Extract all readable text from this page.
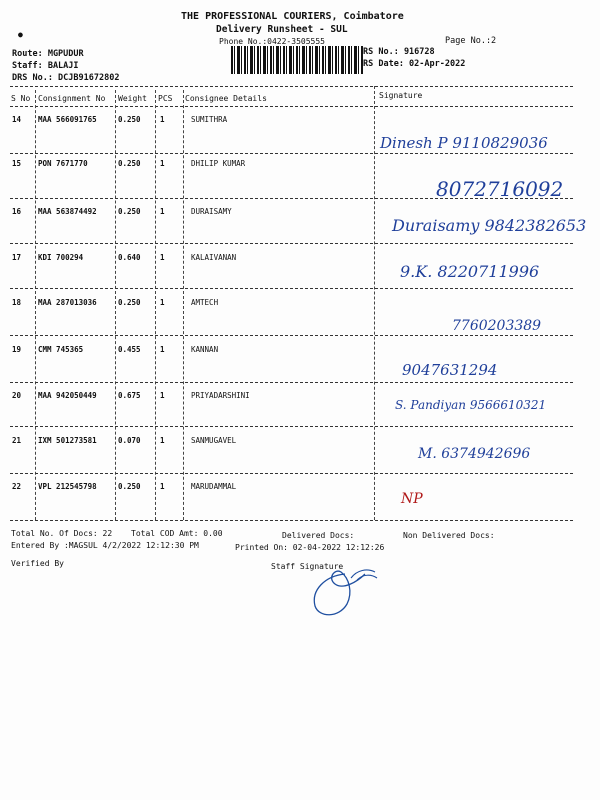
●
THE PROFESSIONAL COURIERS, Coimbatore
Delivery Runsheet - SUL
Phone No.:0422-3505555	Page No.:2
Route: MGPUDUR
Staff: BALAJI
DRS No.: DCJB91672802
RS No.: 916728
RS Date: 02-Apr-2022
S No Consignment No Weight PCS Consignee Details	Signature
14 MAA 566091765	0.250	1	SUMITHRA
Dinesh P 9110829036
15 PON 7671770	0.250	1	DHILIP KUMAR
8072716092
16 MAA 563874492	0.250	1	DURAISAMY
Duraisamy 9842382653
17 KDI 700294	0.640	1	KALAIVANAN
9.K. 8220711996
18 MAA 287013036	0.250	1	AMTECH
7760203389
19 CMM 745365	0.455	1	KANNAN
9047631294
20 MAA 942050449	0.675	1	PRIYADARSHINI
S. Pandiyan 9566610321
21 IXM 501273581	0.070	1	SANMUGAVEL
M. 6374942696
22 VPL 212545798	0.250	1	MARUDAMMAL
NP
Total No. Of Docs: 22 Total COD Amt: 0.00	Delivered Docs:	Non Delivered Docs:
Entered By :MAGSUL 4/2/2022 12:12:30 PM	Printed On: 02-04-2022 12:12:26
Verified By	Staff Signature
